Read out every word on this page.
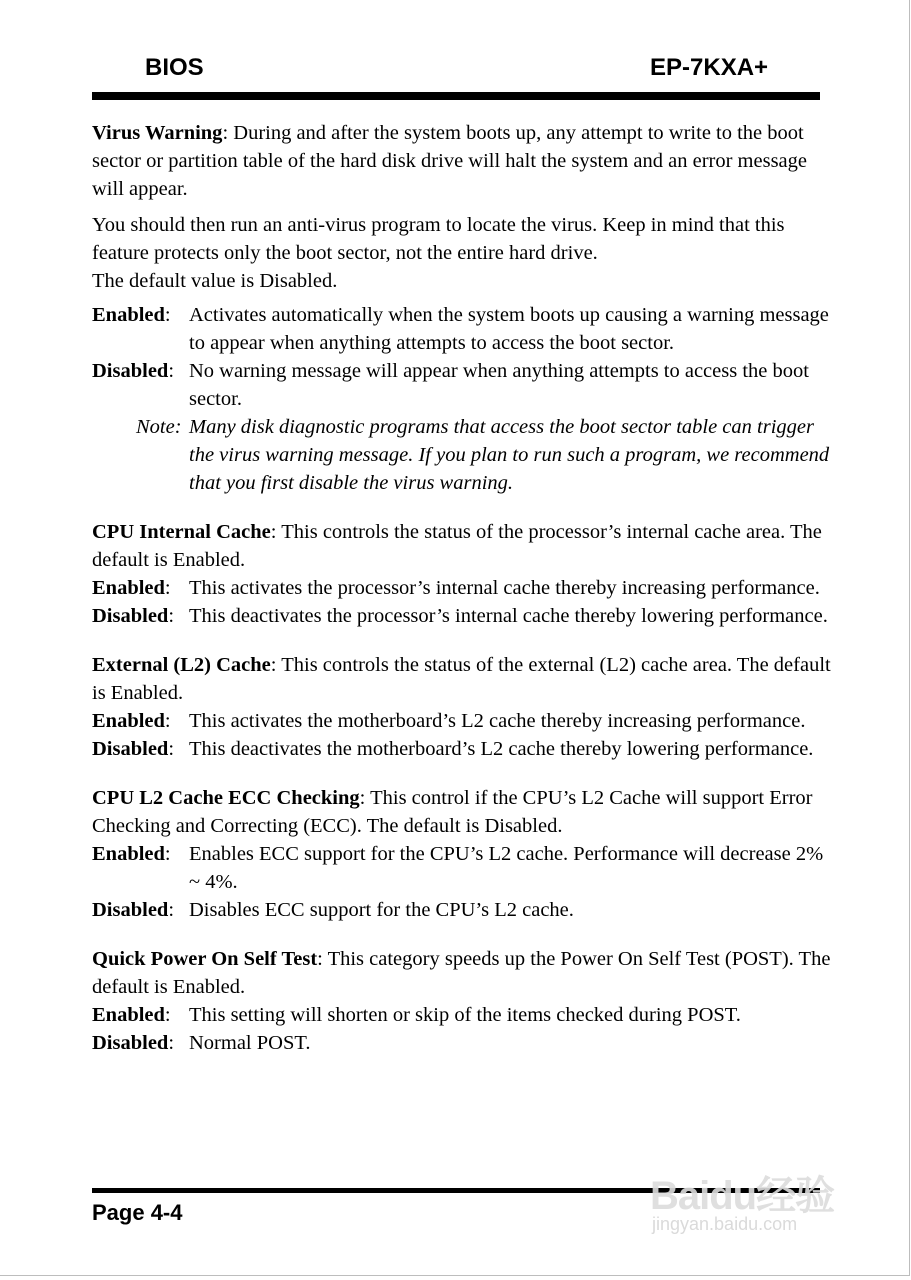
BIOS	EP-7KXA+

Virus Warning: During and after the system boots up, any attempt to write to the boot sector or partition table of the hard disk drive will halt the system and an error message will appear.

You should then run an anti-virus program to locate the virus. Keep in mind that this feature protects only the boot sector, not the entire hard drive.

The default value is Disabled.

Enabled: Activates automatically when the system boots up causing a warning message to appear when anything attempts to access the boot sector.
Disabled: No warning message will appear when anything attempts to access the boot sector.
Note: Many disk diagnostic programs that access the boot sector table can trigger the virus warning message. If you plan to run such a program, we recommend that you first disable the virus warning.

CPU Internal Cache: This controls the status of the processor’s internal cache area. The default is Enabled.

Enabled: This activates the processor’s internal cache thereby increasing performance.
Disabled: This deactivates the processor’s internal cache thereby lowering performance.

External (L2) Cache: This controls the status of the external (L2) cache area. The default is Enabled.

Enabled: This activates the motherboard’s L2 cache thereby increasing performance.
Disabled: This deactivates the motherboard’s L2 cache thereby lowering performance.

CPU L2 Cache ECC Checking: This control if the CPU’s L2 Cache will support Error Checking and Correcting (ECC). The default is Disabled.

Enabled: Enables ECC support for the CPU’s L2 cache. Performance will decrease 2% ~ 4%.
Disabled: Disables ECC support for the CPU’s L2 cache.

Quick Power On Self Test: This category speeds up the Power On Self Test (POST). The default is Enabled.

Enabled: This setting will shorten or skip of the items checked during POST.
Disabled: Normal POST.
Page 4-4	Baidu经验
jingyan.baidu.com
